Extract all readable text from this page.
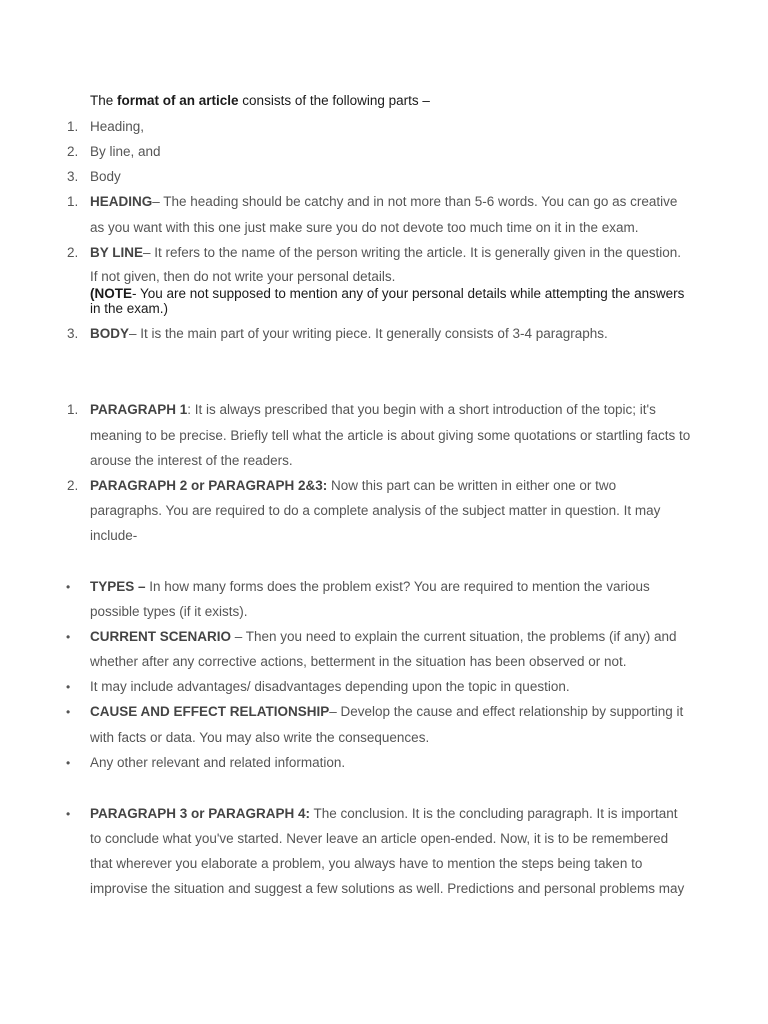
The format of an article consists of the following parts –
1. Heading,
2. By line, and
3. Body
1. HEADING– The heading should be catchy and in not more than 5-6 words. You can go as creative
as you want with this one just make sure you do not devote too much time on it in the exam.
2. BY LINE– It refers to the name of the person writing the article. It is generally given in the question.
If not given, then do not write your personal details.
(NOTE- You are not supposed to mention any of your personal details while attempting the answers
in the exam.)
3. BODY– It is the main part of your writing piece. It generally consists of 3-4 paragraphs.
1. PARAGRAPH 1: It is always prescribed that you begin with a short introduction of the topic; it's
meaning to be precise. Briefly tell what the article is about giving some quotations or startling facts to
arouse the interest of the readers.
2. PARAGRAPH 2 or PARAGRAPH 2&3: Now this part can be written in either one or two
paragraphs. You are required to do a complete analysis of the subject matter in question. It may
include-
• TYPES – In how many forms does the problem exist? You are required to mention the various
possible types (if it exists).
• CURRENT SCENARIO – Then you need to explain the current situation, the problems (if any) and
whether after any corrective actions, betterment in the situation has been observed or not.
• It may include advantages/ disadvantages depending upon the topic in question.
• CAUSE AND EFFECT RELATIONSHIP– Develop the cause and effect relationship by supporting it
with facts or data. You may also write the consequences.
• Any other relevant and related information.
• PARAGRAPH 3 or PARAGRAPH 4: The conclusion. It is the concluding paragraph. It is important
to conclude what you've started. Never leave an article open-ended. Now, it is to be remembered
that wherever you elaborate a problem, you always have to mention the steps being taken to
improvise the situation and suggest a few solutions as well. Predictions and personal problems may
